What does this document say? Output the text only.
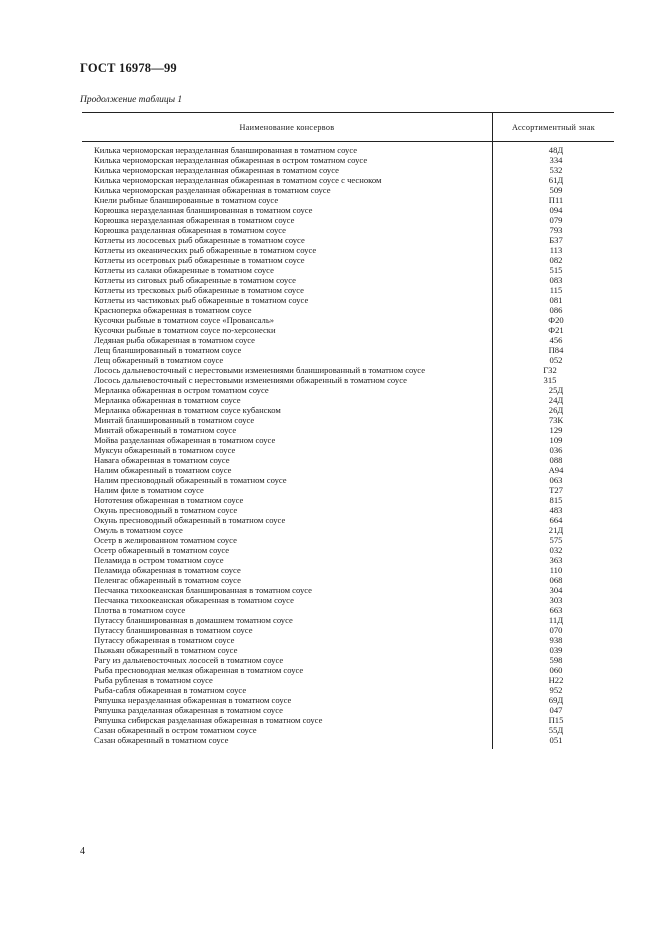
ГОСТ 16978—99
Продолжение таблицы 1
Наименование консервов	Ассортиментный знак
Килька черноморская неразделанная бланшированная в томатном соусе	48Д
Килька черноморская неразделанная обжаренная в остром томатном соусе	334
Килька черноморская неразделанная обжаренная в томатном соусе	532
Килька черноморская неразделанная обжаренная в томатном соусе с чесноком	61Д
Килька черноморская разделанная обжаренная в томатном соусе	509
Кнели рыбные бланшированные в томатном соусе	П11
Корюшка неразделанная бланшированная в томатном соусе	094
Корюшка неразделанная обжаренная в томатном соусе	079
Корюшка разделанная обжаренная в томатном соусе	793
Котлеты из лососевых рыб обжаренные в томатном соусе	Б37
Котлеты из океанических рыб обжаренные в томатном соусе	113
Котлеты из осетровых рыб обжаренные в томатном соусе	082
Котлеты из салаки обжаренные в томатном соусе	515
Котлеты из сиговых рыб обжаренные в томатном соусе	083
Котлеты из тресковых рыб обжаренные в томатном соусе	115
Котлеты из частиковых рыб обжаренные в томатном соусе	081
Красноперка обжаренная в томатном соусе	086
Кусочки рыбные в томатном соусе «Провансаль»	Ф20
Кусочки рыбные в томатном соусе по-херсонески	Ф21
Ледяная рыба обжаренная в томатном соусе	456
Лещ бланшированный в томатном соусе	П84
Лещ обжаренный в томатном соусе	052
Лосось дальневосточный с нерестовыми изменениями бланшированный в томатном соусе	Г32
Лосось дальневосточный с нерестовыми изменениями обжаренный в томатном соусе	315
Мерланка обжаренная в остром томатном соусе	25Д
Мерланка обжаренная в томатном соусе	24Д
Мерланка обжаренная в томатном соусе кубанском	26Д
Минтай бланшированный в томатном соусе	73К
Минтай обжаренный в томатном соусе	129
Мойва разделанная обжаренная в томатном соусе	109
Муксун обжаренный в томатном соусе	036
Навага обжаренная в томатном соусе	088
Налим обжаренный в томатном соусе	А94
Налим пресноводный обжаренный в томатном соусе	063
Налим филе в томатном соусе	Т27
Нототения обжаренная в томатном соусе	815
Окунь пресноводный в томатном соусе	483
Окунь пресноводный обжаренный в томатном соусе	664
Омуль в томатном соусе	21Д
Осетр в желированном томатном соусе	575
Осетр обжаренный в томатном соусе	032
Пеламида в остром томатном соусе	363
Пеламида обжаренная в томатном соусе	110
Пеленгас обжаренный в томатном соусе	068
Песчанка тихоокеанская бланшированная в томатном соусе	304
Песчанка тихоокеанская обжаренная в томатном соусе	303
Плотва в томатном соусе	663
Путассу бланшированная в домашнем томатном соусе	11Д
Путассу бланшированная в томатном соусе	070
Путассу обжаренная в томатном соусе	938
Пыжьян обжаренный в томатном соусе	039
Рагу из дальневосточных лососей в томатном соусе	598
Рыба пресноводная мелкая обжаренная в томатном соусе	060
Рыба рубленая в томатном соусе	Н22
Рыба-сабля обжаренная в томатном соусе	952
Ряпушка неразделанная обжаренная в томатном соусе	69Д
Ряпушка разделанная обжаренная в томатном соусе	047
Ряпушка сибирская разделанная обжаренная в томатном соусе	П15
Сазан обжаренный в остром томатном соусе	55Д
Сазан обжаренный в томатном соусе	051
4
